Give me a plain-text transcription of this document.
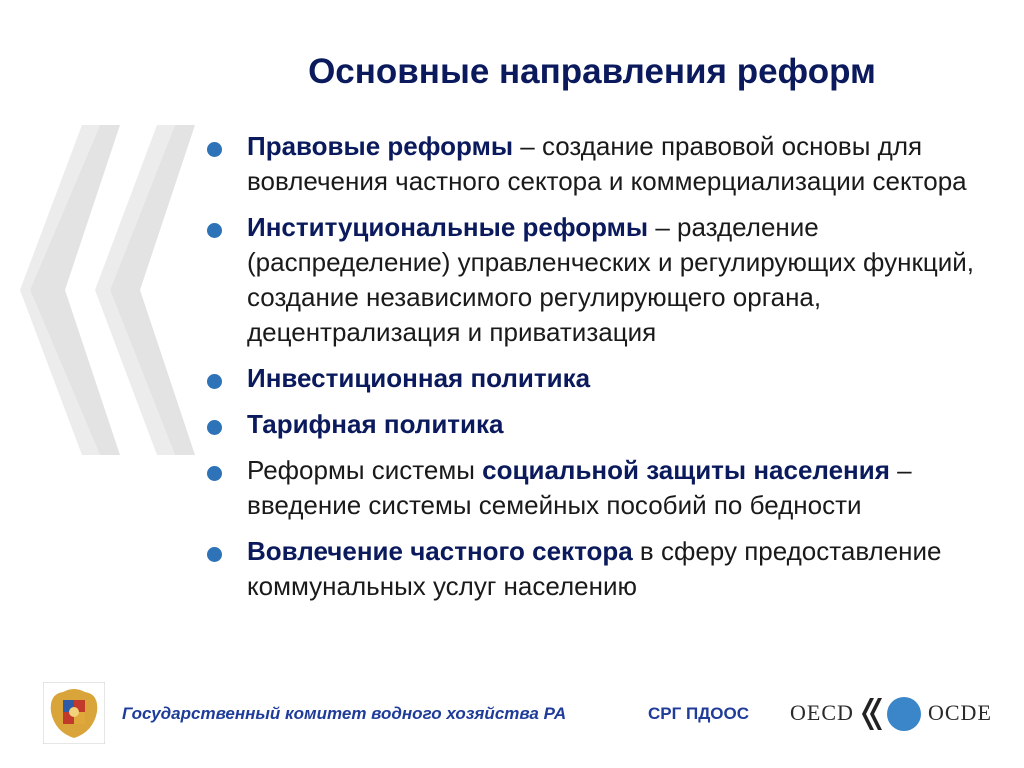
Основные направления реформ
Правовые реформы – создание правовой основы для вовлечения частного сектора и коммерциализации сектора
Институциональные реформы – разделение (распределение) управленческих и регулирующих функций, создание независимого регулирующего органа, децентрализация и приватизация
Инвестиционная политика
Тарифная политика
Реформы системы социальной защиты населения – введение системы семейных пособий по бедности
Вовлечение частного сектора в сферу предоставление коммунальных услуг населению
Государственный комитет водного хозяйства РА	СРГ ПДООС OECD	OCDE
